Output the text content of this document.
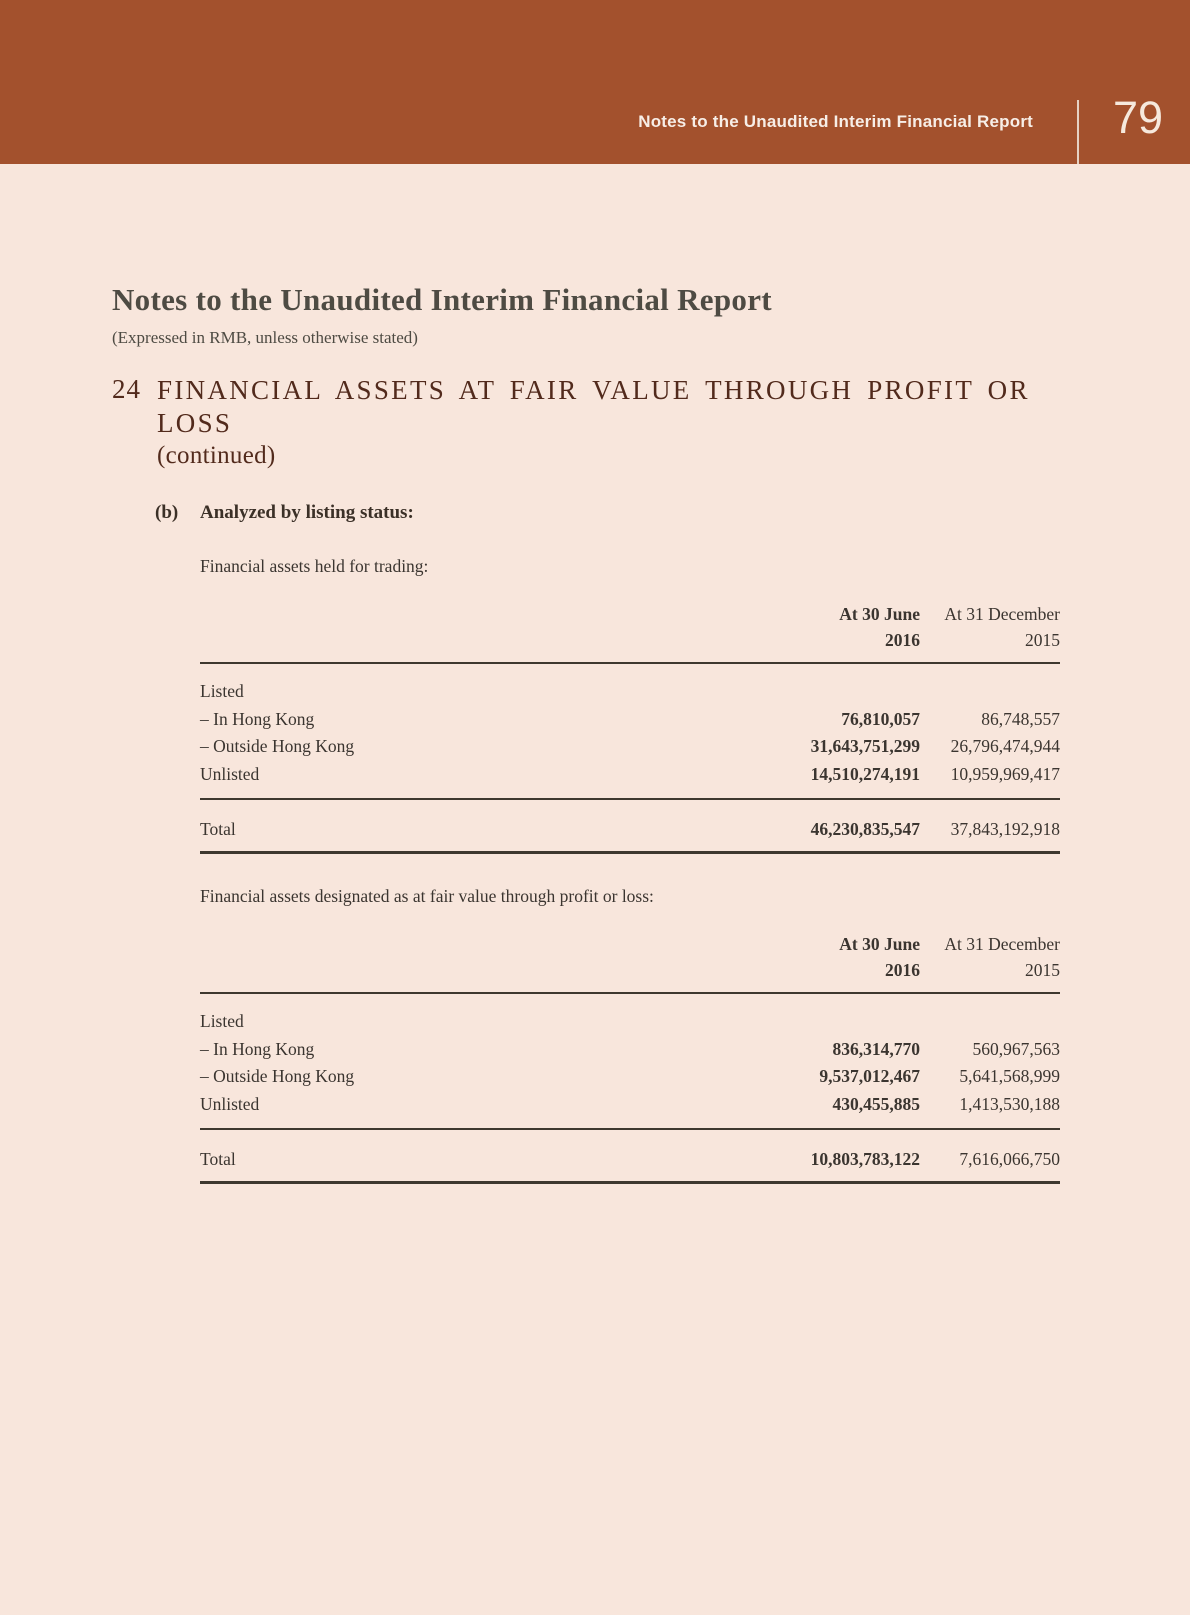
Notes to the Unaudited Interim Financial Report 79
Notes to the Unaudited Interim Financial Report
(Expressed in RMB, unless otherwise stated)
24 FINANCIAL ASSETS AT FAIR VALUE THROUGH PROFIT OR LOSS
(continued)
(b)	Analyzed by listing status:
Financial assets held for trading:
At 30 June
2016
At 31 December
2015
Listed
– In Hong Kong	76,810,057	86,748,557
– Outside Hong Kong	31,643,751,299	26,796,474,944
Unlisted	14,510,274,191	10,959,969,417
Total	46,230,835,547	37,843,192,918
Financial assets designated as at fair value through profit or loss:
At 30 June
2016
At 31 December
2015
Listed
– In Hong Kong	836,314,770	560,967,563
– Outside Hong Kong	9,537,012,467	5,641,568,999
Unlisted	430,455,885	1,413,530,188
Total	10,803,783,122	7,616,066,750
